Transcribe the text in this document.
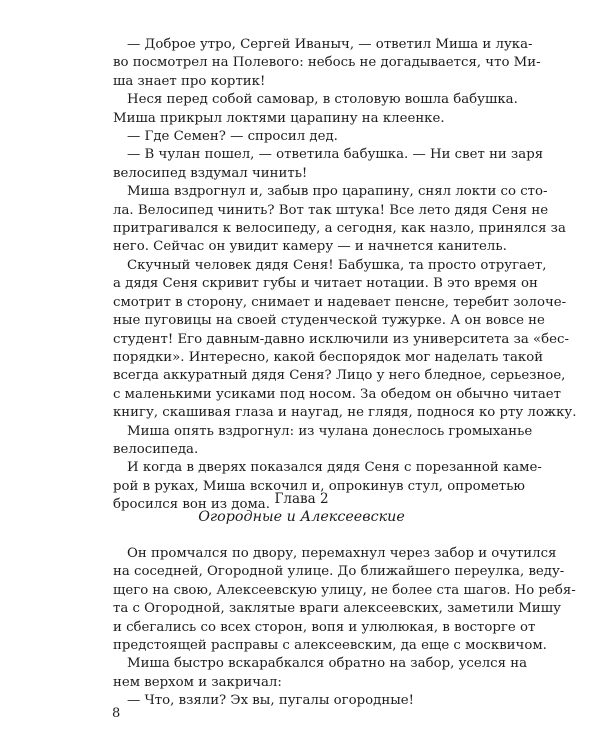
— Доброе утро, Сергей Иваныч, — ответил Миша и лука-
во посмотрел на Полевого: небось не догадывается, что Ми-
ша знает про кортик!

Неся перед собой самовар, в столовую вошла бабушка.
Миша прикрыл локтями царапину на клеенке.

— Где Семен? — спросил дед.

— В чулан пошел, — ответила бабушка. — Ни свет ни заря
велосипед вздумал чинить!

Миша вздрогнул и, забыв про царапину, снял локти со сто-
ла. Велосипед чинить? Вот так штука! Все лето дядя Сеня не
притрагивался к велосипеду, а сегодня, как назло, принялся за
него. Сейчас он увидит камеру — и начнется канитель.

Скучный человек дядя Сеня! Бабушка, та просто отругает,
а дядя Сеня скривит губы и читает нотации. В это время он
смотрит в сторону, снимает и надевает пенсне, теребит золоче-
ные пуговицы на своей студенческой тужурке. А он вовсе не
студент! Его давным-давно исключили из университета за «бес-
порядки». Интересно, какой беспорядок мог наделать такой
всегда аккуратный дядя Сеня? Лицо у него бледное, серьезное,
с маленькими усиками под носом. За обедом он обычно читает
книгу, скашивая глаза и наугад, не глядя, поднося ко рту ложку.

Миша опять вздрогнул: из чулана донеслось громыханье
велосипеда.

И когда в дверях показался дядя Сеня с порезанной камe-
рой в руках, Миша вскочил и, опрокинув стул, опрометью
бросился вон из дома. Глава 2
Огородные и Алексеевские

Он промчался по двору, перемахнул через забор и очутился
на соседней, Огородной улице. До ближайшего переулка, веду-
щего на свою, Алексеевскую улицу, не более ста шагов. Но ребя-
та с Огородной, заклятые враги алексеевских, заметили Мишу
и сбегались со всех сторон, вопя и улюлюкая, в восторге от
предстоящей расправы с алексеевским, да еще с москвичом.

Миша быстро вскарабкался обратно на забор, уселся на
нем верхом и закричал:

— Что, взяли? Эх вы, пугалы огородные!

8
